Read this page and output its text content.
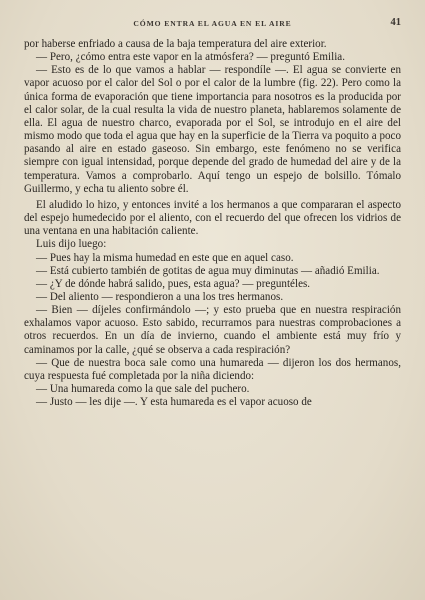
CÓMO ENTRA EL AGUA EN EL AIRE	41

por haberse enfriado a causa de la baja temperatura del aire exterior.

— Pero, ¿cómo entra este vapor en la atmósfera? — preguntó Emilia.

— Esto es de lo que vamos a hablar — respondíle —. El agua se convierte en vapor acuoso por el calor del Sol o por el calor de la lumbre (fig. 22). Pero como la única forma de evaporación que tiene importancia para nosotros es la producida por el calor solar, de la cual resulta la vida de nuestro planeta, hablaremos solamente de ella. El agua de nuestro charco, evaporada por el Sol, se introdujo en el aire del mismo modo que toda el agua que hay en la superficie de la Tierra va poquito a poco pasando al aire en estado gaseoso. Sin embargo, este fenómeno no se verifica siempre con igual intensidad, porque depende del grado de humedad del aire y de la temperatura. Vamos a comprobarlo. Aquí tengo un espejo de bolsillo. Tómalo Guillermo, y echa tu aliento sobre él.

El aludido lo hizo, y entonces invité a los hermanos a que compararan el aspecto del espejo humedecido por el aliento, con el recuerdo del que ofrecen los vidrios de una ventana en una habitación caliente.

Luis dijo luego:

— Pues hay la misma humedad en este que en aquel caso.

— Está cubierto también de gotitas de agua muy diminutas — añadió Emilia.

— ¿Y de dónde habrá salido, pues, esta agua? — preguntéles.

— Del aliento — respondieron a una los tres hermanos.

— Bien — díjeles confirmándolo —; y esto prueba que en nuestra respiración exhalamos vapor acuoso. Esto sabido, recurramos para nuestras comprobaciones a otros recuerdos. En un día de invierno, cuando el ambiente está muy frío y caminamos por la calle, ¿qué se observa a cada respiración?

— Que de nuestra boca sale como una humareda — dijeron los dos hermanos, cuya respuesta fué completada por la niña diciendo:

— Una humareda como la que sale del puchero.

— Justo — les dije —. Y esta humareda es el vapor acuoso de
